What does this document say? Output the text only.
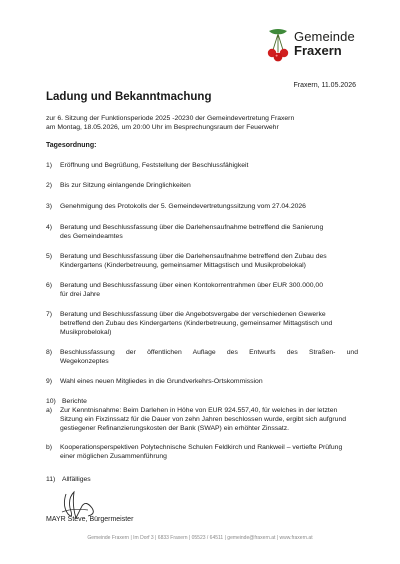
Gemeinde
Fraxern
Fraxern, 11.05.2026
Ladung und Bekanntmachung
zur 6. Sitzung der Funktionsperiode 2025 -20230 der Gemeindevertretung Fraxern
am Montag, 18.05.2026, um 20:00 Uhr im Besprechungsraum der Feuerwehr
Tagesordnung:
1) Eröffnung und Begrüßung, Feststellung der Beschlussfähigkeit
2) Bis zur Sitzung einlangende Dringlichkeiten
3) Genehmigung des Protokolls der 5. Gemeindevertretungssitzung vom 27.04.2026
4) Beratung und Beschlussfassung über die Darlehensaufnahme betreffend die Sanierung
des Gemeindeamtes
5) Beratung und Beschlussfassung über die Darlehensaufnahme betreffend den Zubau des
Kindergartens (Kinderbetreuung, gemeinsamer Mittagstisch und Musikprobelokal)
6) Beratung und Beschlussfassung über einen Kontokorrentrahmen über EUR 300.000,00
für drei Jahre
7) Beratung und Beschlussfassung über die Angebotsvergabe der verschiedenen Gewerke
betreffend den Zubau des Kindergartens (Kinderbetreuung, gemeinsamer Mittagstisch und
Musikprobelokal)
8) Beschlussfassung der öffentlichen Auflage des Entwurfs des Straßen- und
Wegekonzeptes
9) Wahl eines neuen Mitgliedes in die Grundverkehrs-Ortskommission
10) Berichte
a) Zur Kenntnisnahme: Beim Darlehen in Höhe von EUR 924.557,40, für welches in der letzten Sitzung ein Fixzinssatz für die Dauer von zehn Jahren beschlossen wurde, ergibt sich aufgrund gestiegener Refinanzierungskosten der Bank (SWAP) ein erhöhter Zinssatz.
b) Kooperationsperspektiven Polytechnische Schulen Feldkirch und Rankweil – vertiefte Prüfung einer möglichen Zusammenführung
11) Allfälliges
MAYR Steve, Bürgermeister
Gemeinde Fraxern | Im Dorf 3 | 6833 Fraxern | 05523 / 64511 | gemeinde@fraxern.at | www.fraxern.at
